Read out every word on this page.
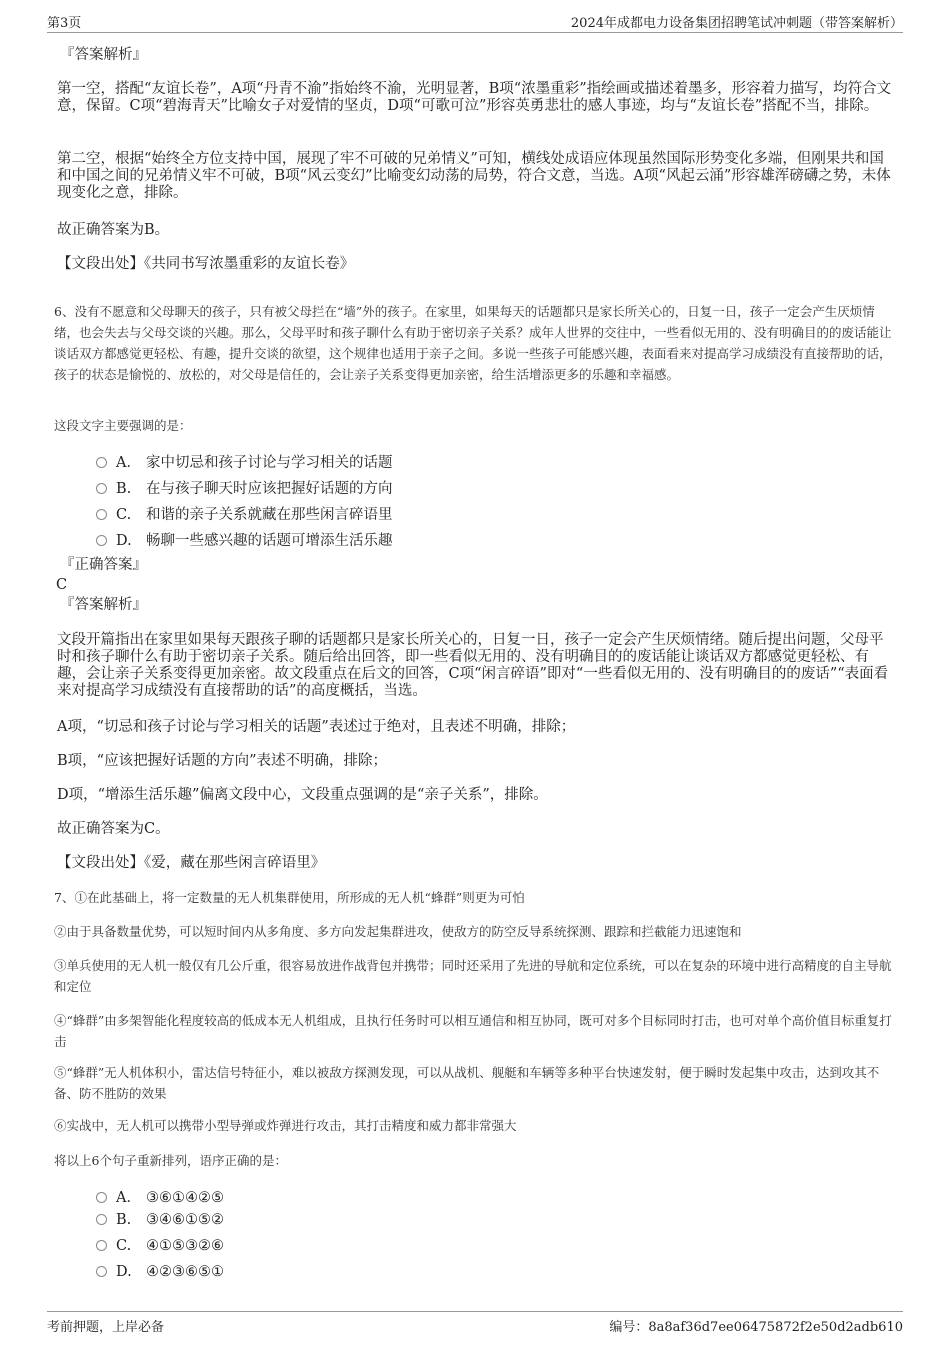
第3页	2024年成都电力设备集团招聘笔试冲刺题（带答案解析）
『答案解析』
第一空，搭配“友谊长卷”，A项“丹青不渝”指始终不渝，光明显著，B项“浓墨重彩”指绘画或描述着墨多，形容着力描写，均符合文意，保留。C项“碧海青天”比喻女子对爱情的坚贞，D项“可歌可泣”形容英勇悲壮的感人事迹，均与“友谊长卷”搭配不当，排除。
第二空，根据“始终全方位支持中国，展现了牢不可破的兄弟情义”可知，横线处成语应体现虽然国际形势变化多端，但刚果共和国和中国之间的兄弟情义牢不可破，B项“风云变幻”比喻变幻动荡的局势，符合文意，当选。A项“风起云涌”形容雄浑磅礴之势，未体现变化之意，排除。
故正确答案为B。
【文段出处】《共同书写浓墨重彩的友谊长卷》
6、没有不愿意和父母聊天的孩子，只有被父母拦在“墙”外的孩子。在家里，如果每天的话题都只是家长所关心的，日复一日，孩子一定会产生厌烦情绪，也会失去与父母交谈的兴趣。那么，父母平时和孩子聊什么有助于密切亲子关系？成年人世界的交往中，一些看似无用的、没有明确目的的废话能让谈话双方都感觉更轻松、有趣，提升交谈的欲望，这个规律也适用于亲子之间。多说一些孩子可能感兴趣，表面看来对提高学习成绩没有直接帮助的话，孩子的状态是愉悦的、放松的，对父母是信任的，会让亲子关系变得更加亲密，给生活增添更多的乐趣和幸福感。
这段文字主要强调的是：
A． 家中切忌和孩子讨论与学习相关的话题
B. 在与孩子聊天时应该把握好话题的方向
C. 和谐的亲子关系就藏在那些闲言碎语里
D. 畅聊一些感兴趣的话题可增添生活乐趣
『正确答案』
C
『答案解析』
文段开篇指出在家里如果每天跟孩子聊的话题都只是家长所关心的，日复一日，孩子一定会产生厌烦情绪。随后提出问题，父母平时和孩子聊什么有助于密切亲子关系。随后给出回答，即一些看似无用的、没有明确目的的废话能让谈话双方都感觉更轻松、有趣，会让亲子关系变得更加亲密。故文段重点在后文的回答，C项“闲言碎语”即对“一些看似无用的、没有明确目的的废话”“表面看来对提高学习成绩没有直接帮助的话”的高度概括，当选。
A项，“切忌和孩子讨论与学习相关的话题”表述过于绝对，且表述不明确，排除；
B项，“应该把握好话题的方向”表述不明确，排除；
D项，“增添生活乐趣”偏离文段中心，文段重点强调的是“亲子关系”，排除。
故正确答案为C。
【文段出处】《爱，藏在那些闲言碎语里》
7、①在此基础上，将一定数量的无人机集群使用，所形成的无人机“蜂群”则更为可怕
②由于具备数量优势，可以短时间内从多角度、多方向发起集群进攻，使敌方的防空反导系统探测、跟踪和拦截能力迅速饱和
③单兵使用的无人机一般仅有几公斤重，很容易放进作战背包并携带；同时还采用了先进的导航和定位系统，可以在复杂的环境中进行高精度的自主导航和定位
④“蜂群”由多架智能化程度较高的低成本无人机组成，且执行任务时可以相互通信和相互协同，既可对多个目标同时打击，也可对单个高价值目标重复打击
⑤“蜂群”无人机体积小，雷达信号特征小，难以被敌方探测发现，可以从战机、舰艇和车辆等多种平台快速发射，便于瞬时发起集中攻击，达到攻其不备、防不胜防的效果
⑥实战中，无人机可以携带小型导弹或炸弹进行攻击，其打击精度和威力都非常强大
将以上6个句子重新排列，语序正确的是：
A． ③⑥①④②⑤
B. ③④⑥①⑤②
C. ④①⑤③②⑥
D. ④②③⑥⑤①
考前押题，上岸必备	编号：8a8af36d7ee06475872f2e50d2adb610
